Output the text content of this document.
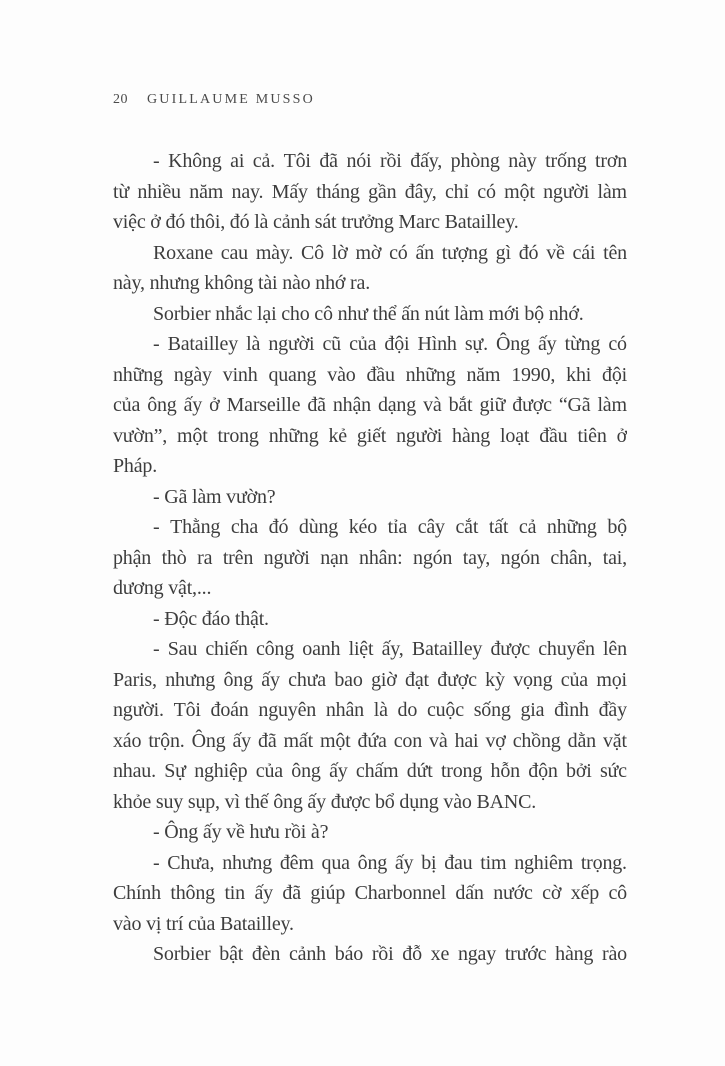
20 GUILLAUME MUSSO
- Không ai cả. Tôi đã nói rồi đấy, phòng này trống trơn
từ nhiều năm nay. Mấy tháng gần đây, chỉ có một người làm
việc ở đó thôi, đó là cảnh sát trưởng Marc Batailley.
Roxane cau mày. Cô lờ mờ có ấn tượng gì đó về cái tên
này, nhưng không tài nào nhớ ra.
Sorbier nhắc lại cho cô như thể ấn nút làm mới bộ nhớ.
- Batailley là người cũ của đội Hình sự. Ông ấy từng có
những ngày vinh quang vào đầu những năm 1990, khi đội
của ông ấy ở Marseille đã nhận dạng và bắt giữ được “Gã làm
vườn”, một trong những kẻ giết người hàng loạt đầu tiên ở
Pháp.
- Gã làm vườn?
- Thằng cha đó dùng kéo tỉa cây cắt tất cả những bộ
phận thò ra trên người nạn nhân: ngón tay, ngón chân, tai,
dương vật,...
- Độc đáo thật.
- Sau chiến công oanh liệt ấy, Batailley được chuyển lên
Paris, nhưng ông ấy chưa bao giờ đạt được kỳ vọng của mọi
người. Tôi đoán nguyên nhân là do cuộc sống gia đình đầy
xáo trộn. Ông ấy đã mất một đứa con và hai vợ chồng dằn vặt
nhau. Sự nghiệp của ông ấy chấm dứt trong hỗn độn bởi sức
khỏe suy sụp, vì thế ông ấy được bổ dụng vào BANC.
- Ông ấy về hưu rồi à?
- Chưa, nhưng đêm qua ông ấy bị đau tim nghiêm trọng.
Chính thông tin ấy đã giúp Charbonnel dấn nước cờ xếp cô
vào vị trí của Batailley.
Sorbier bật đèn cảnh báo rồi đỗ xe ngay trước hàng rào
